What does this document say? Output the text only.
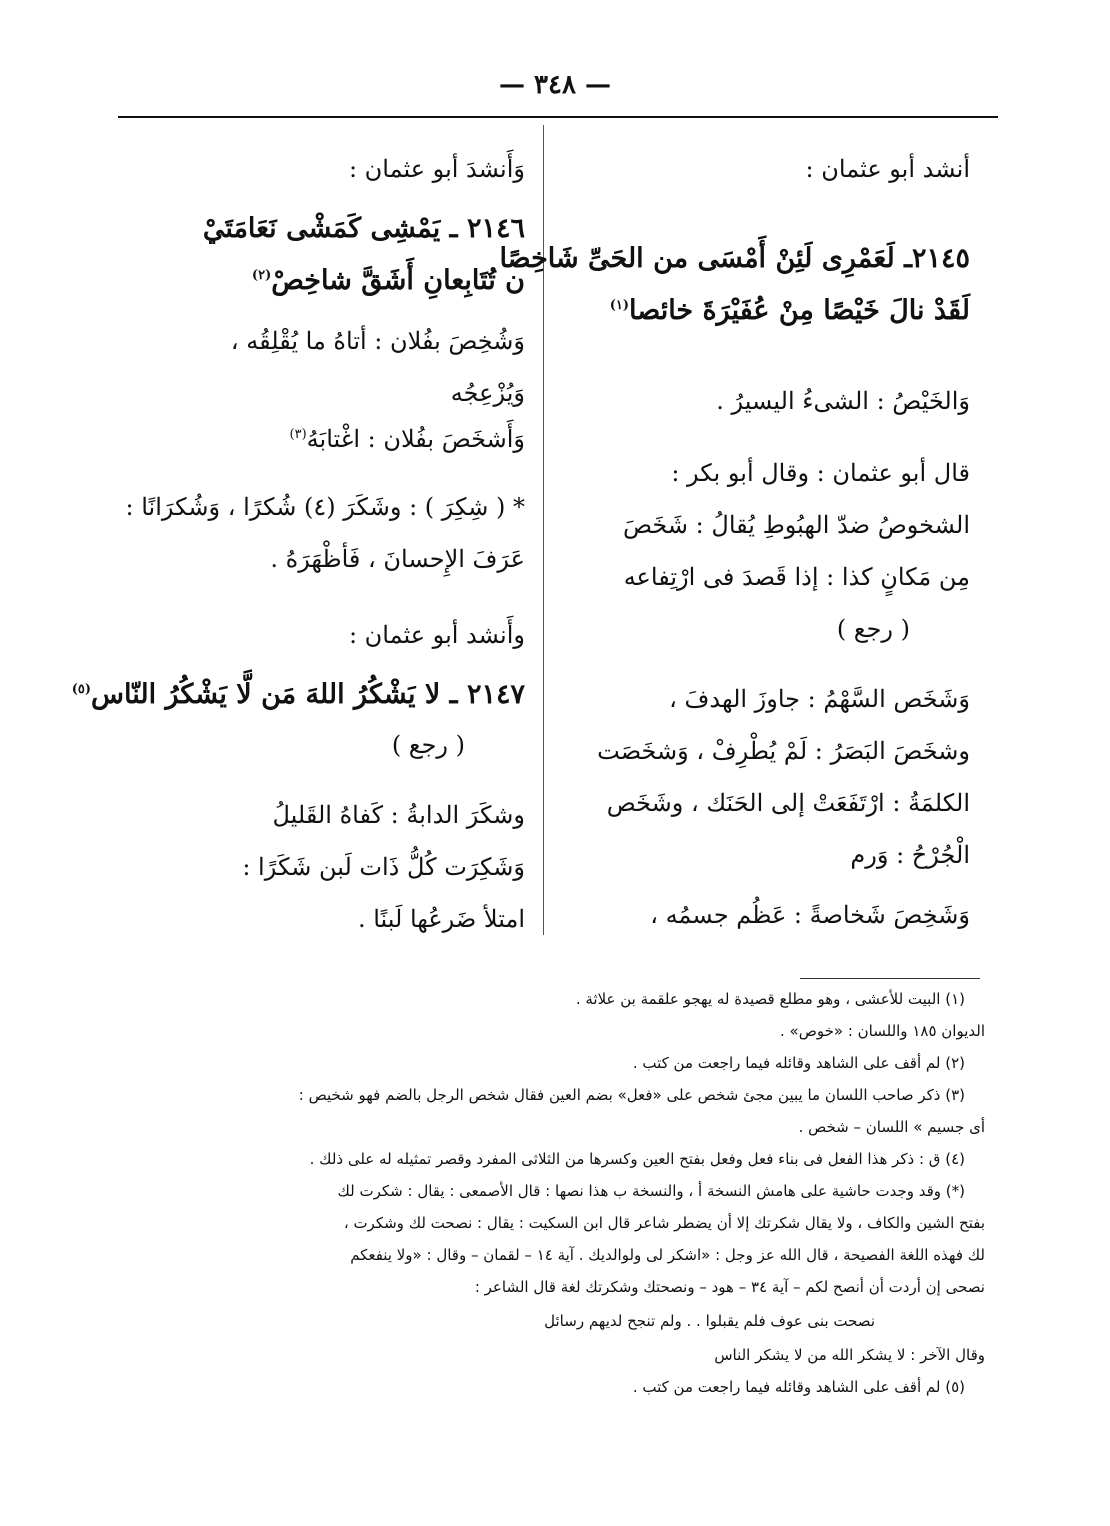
— ٣٤٨ —
أنشد أبو عثمان :
٢١٤٥ـ لَعَمْرِى لَئِنْ أَمْسَى من الحَىِّ شَاخِصًا
لَقَدْ نالَ خَيْصًا مِنْ عُفَيْرَةَ خائصا$^{(١)}$
وَالخَيْصُ : الشىءُ اليسيرُ .
قال أبو عثمان : وقال أبو بكر :
الشخوصُ ضدّ الهبُوطِ يُقالُ : شَخَصَ
مِن مَكانٍ كذا : إذا قَصدَ فى ارْتِفاعه
( رجع )
وَشَخَص السَّهْمُ : جاوزَ الهدفَ ،
وشخَصَ البَصَرُ : لَمْ يُطْرِفْ ، وَشخَصَت
الكلمَةُ : ارْتَفَعَتْ إلى الحَنَك ، وشَخَص
الْجُرْحُ : وَرم
وَشَخِصَ شَخاصةً : عَظُم جسمُه ،
وَأَنشدَ أبو عثمان :
٢١٤٦ ـ يَمْشِى كَمَشْى نَعَامَتَيْ
ن تُتَابِعانِ أَشَقَّ شاخِصْ$^{(٢)}$
وَشُخِصَ بفُلان : أتاهُ ما يُقْلِقُه ،
وَيُزْعِجُه
وَأَشخَصَ بفُلان : اغْتابَهُ$^{(٣)}$
* ( شِكِرَ ) : وشَكَرَ (٤) شُكرًا ، وَشُكرَانًا :
عَرَفَ الإِحسانَ ، فَأظْهَرَهُ .
وأَنشد أبو عثمان :
٢١٤٧ ـ لا يَشْكُرُ اللهَ مَن لَّا يَشْكُرُ النّاس$^{(٥)}$
( رجع )
وشكَرَ الدابةُ : كَفاهُ القَليلُ
وَشَكِرَت كُلُّ ذَات لَبن شَكَرًا :
امتلأ ضَرعُها لَبنًا .
(١) البيت للأعشى ، وهو مطلع قصيدة له يهجو علقمة بن علاثة .
الديوان ١٨٥ واللسان : «خوص» .
(٢) لم أقف على الشاهد وقائله فيما راجعت من كتب .
(٣) ذكر صاحب اللسان ما يبين مجئ شخص على «فعل» بضم العين فقال شخص الرجل بالضم فهو شخيص :
أى جسيم » اللسان – شخص .
(٤) ق : ذكر هذا الفعل فى بناء فعل وفعل بفتح العين وكسرها من الثلاثى المفرد وقصر تمثيله له على ذلك .
(*) وقد وجدت حاشية على هامش النسخة أ ، والنسخة ب هذا نصها : قال الأصمعى : يقال : شكرت لك
بفتح الشين والكاف ، ولا يقال شكرتك إلا أن يضطر شاعر قال ابن السكيت : يقال : نصحت لك وشكرت ،
لك فهذه اللغة الفصيحة ، قال الله عز وجل : «اشكر لى ولوالديك . آية ١٤ – لقمان – وقال : «ولا ينفعكم
نصحى إن أردت أن أنصح لكم – آية ٣٤ – هود – ونصحتك وشكرتك لغة قال الشاعر :
نصحت بنى عوف فلم يقبلوا . . ولم تنجح لديهم رسائل
وقال الآخر : لا يشكر الله من لا يشكر الناس
(٥) لم أقف على الشاهد وقائله فيما راجعت من كتب .
